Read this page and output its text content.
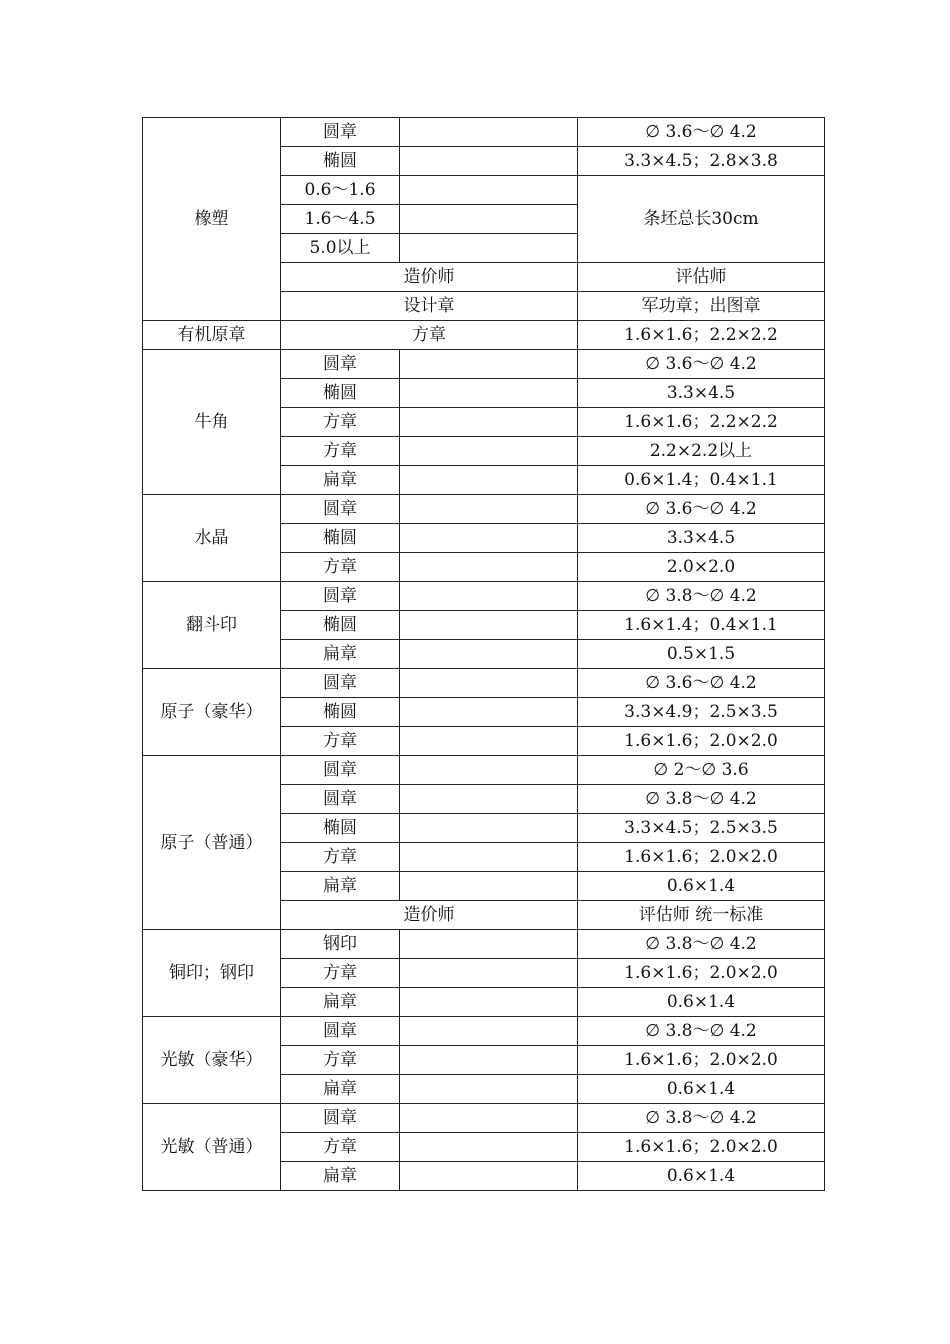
橡塑	圆章		∅ 3.6～∅ 4.2
	椭圆		3.3×4.5；2.8×3.8
	0.6～1.6		条坯总长30cm
	1.6～4.5		
	5.0以上		
	造价师		评估师
	设计章		军功章；出图章
有机原章	方章		1.6×1.6；2.2×2.2
牛角	圆章		∅ 3.6～∅ 4.2
	椭圆		3.3×4.5
	方章		1.6×1.6；2.2×2.2
	方章		2.2×2.2以上
	扁章		0.6×1.4；0.4×1.1
水晶	圆章		∅ 3.6～∅ 4.2
	椭圆		3.3×4.5
	方章		2.0×2.0
翻斗印	圆章		∅ 3.8～∅ 4.2
	椭圆		1.6×1.4；0.4×1.1
	扁章		0.5×1.5
原子（豪华）	圆章		∅ 3.6～∅ 4.2
	椭圆		3.3×4.9；2.5×3.5
	方章		1.6×1.6；2.0×2.0
原子（普通）	圆章		∅ 2～∅ 3.6
	圆章		∅ 3.8～∅ 4.2
	椭圆		3.3×4.5；2.5×3.5
	方章		1.6×1.6；2.0×2.0
	扁章		0.6×1.4
	造价师		评估师 统一标准
铜印；钢印	钢印		∅ 3.8～∅ 4.2
	方章		1.6×1.6；2.0×2.0
	扁章		0.6×1.4
光敏（豪华）	圆章		∅ 3.8～∅ 4.2
	方章		1.6×1.6；2.0×2.0
	扁章		0.6×1.4
光敏（普通）	圆章		∅ 3.8～∅ 4.2
	方章		1.6×1.6；2.0×2.0
	扁章		0.6×1.4
